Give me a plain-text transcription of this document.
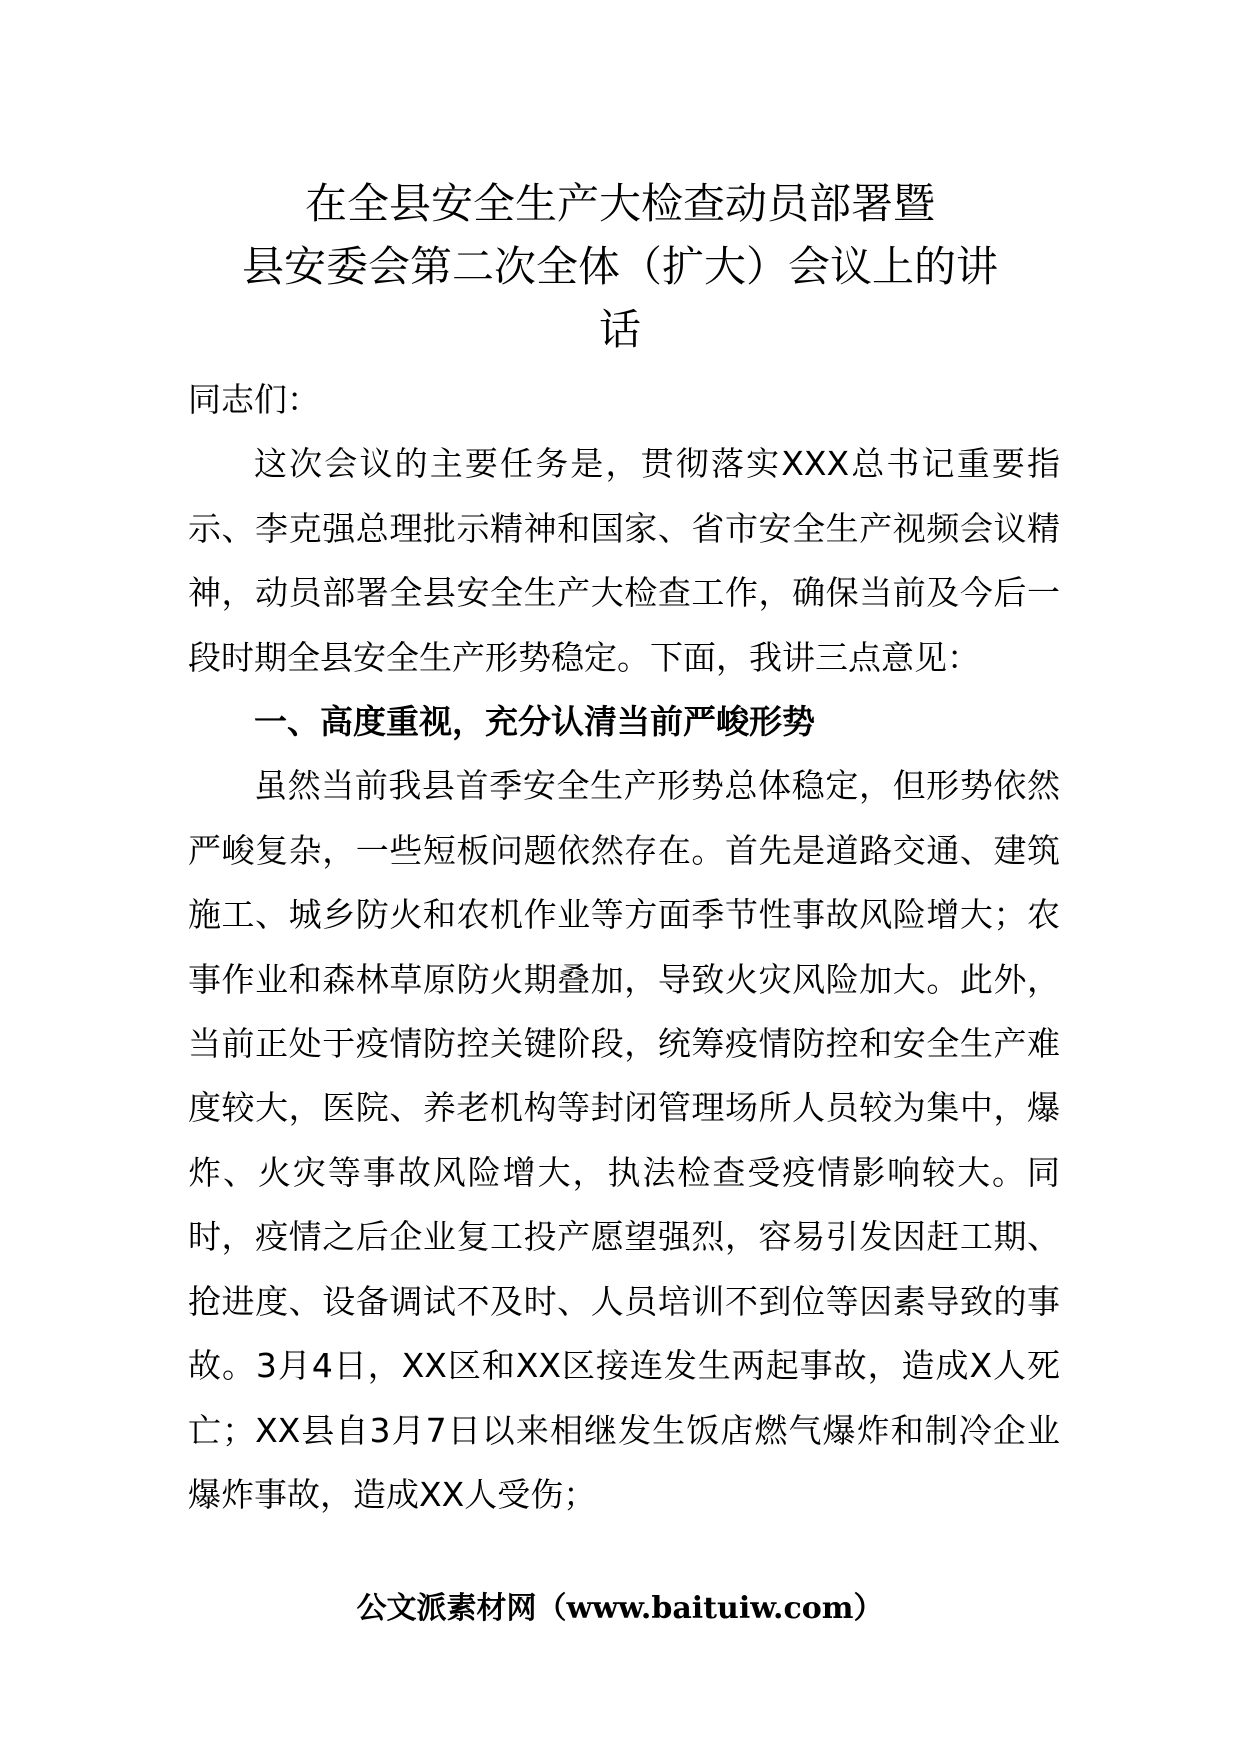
在全县安全生产大检查动员部署暨
县安委会第二次全体（扩大）会议上的讲
话

同志们：

这次会议的主要任务是，贯彻落实XXX总书记重要指示、李克强总理批示精神和国家、省市安全生产视频会议精神，动员部署全县安全生产大检查工作，确保当前及今后一段时期全县安全生产形势稳定。下面，我讲三点意见：

一、高度重视，充分认清当前严峻形势

虽然当前我县首季安全生产形势总体稳定，但形势依然严峻复杂，一些短板问题依然存在。首先是道路交通、建筑施工、城乡防火和农机作业等方面季节性事故风险增大；农事作业和森林草原防火期叠加，导致火灾风险加大。此外，当前正处于疫情防控关键阶段，统筹疫情防控和安全生产难度较大，医院、养老机构等封闭管理场所人员较为集中，爆炸、火灾等事故风险增大，执法检查受疫情影响较大。同时，疫情之后企业复工投产愿望强烈，容易引发因赶工期、抢进度、设备调试不及时、人员培训不到位等因素导致的事故。3月4日，XX区和XX区接连发生两起事故，造成X人死亡；XX县自3月7日以来相继发生饭店燃气爆炸和制冷企业爆炸事故，造成XX人受伤；

公文派素材网（www.baituiw.com）
